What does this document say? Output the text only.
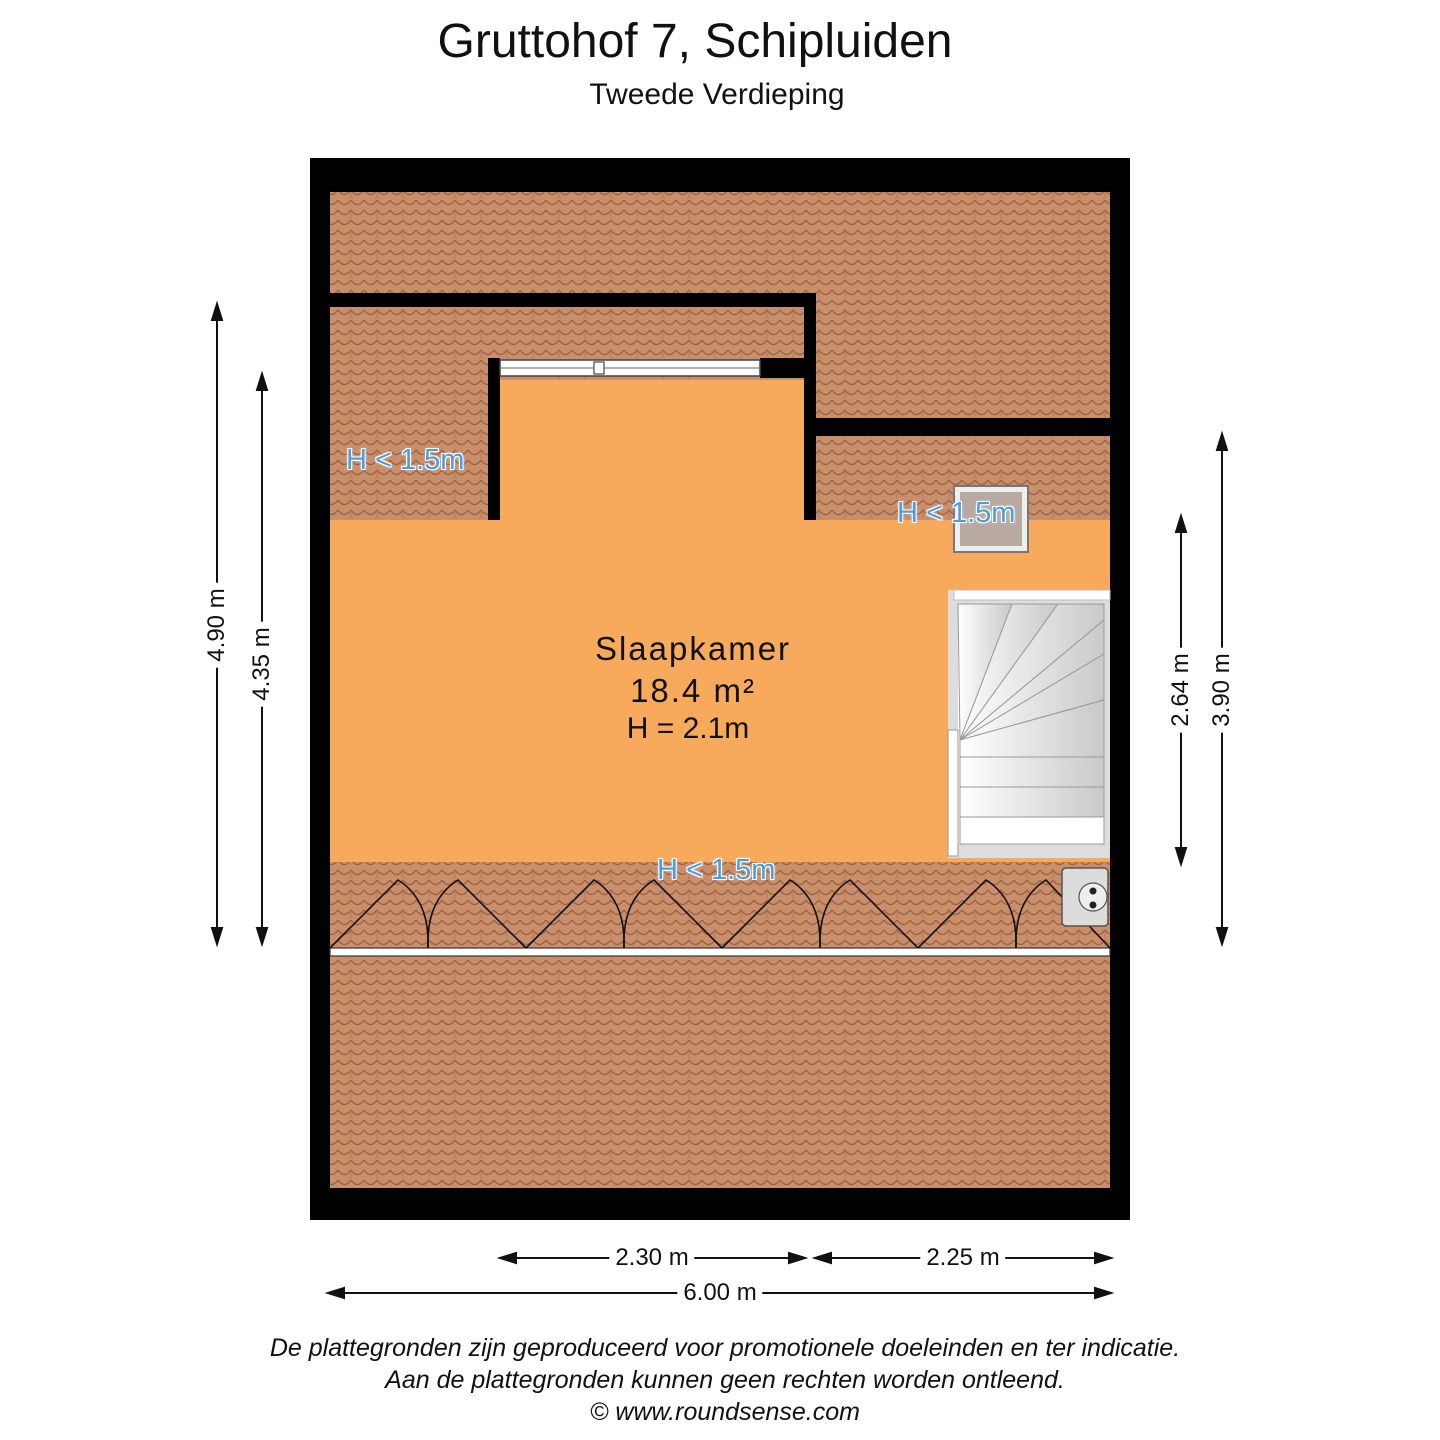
Gruttohof 7, Schipluiden
Tweede Verdieping
Slaapkamer
18.4 m²
H = 2.1m
H < 1.5m
H < 1.5m
H < 1.5m
4.90 m
4.35 m	2.64 m 3.90 m
2.30 m	2.25 m
6.00 m
De plattegronden zijn geproduceerd voor promotionele doeleinden en ter indicatie.
Aan de plattegronden kunnen geen rechten worden ontleend.
© www.roundsense.com
